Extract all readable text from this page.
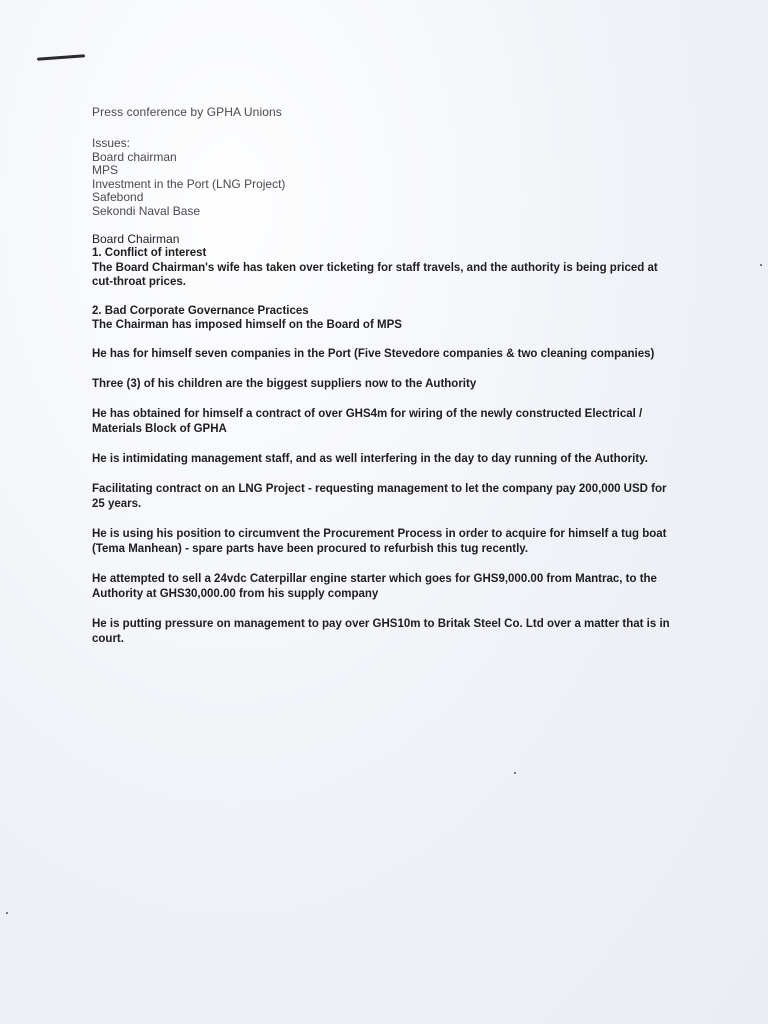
Press conference by GPHA Unions
Issues:
Board chairman
MPS
Investment in the Port (LNG Project)
Safebond
Sekondi Naval Base
Board Chairman
1. Conflict of interest
The Board Chairman's wife has taken over ticketing for staff travels, and the authority is being priced at cut-throat prices.
2. Bad Corporate Governance Practices
The Chairman has imposed himself on the Board of MPS

He has for himself seven companies in the Port (Five Stevedore companies & two cleaning companies)

Three (3) of his children are the biggest suppliers now to the Authority

He has obtained for himself a contract of over GHS4m for wiring of the newly constructed Electrical / Materials Block of GPHA

He is intimidating management staff, and as well interfering in the day to day running of the Authority.

Facilitating contract on an LNG Project - requesting management to let the company pay 200,000 USD for 25 years.

He is using his position to circumvent the Procurement Process in order to acquire for himself a tug boat (Tema Manhean) - spare parts have been procured to refurbish this tug recently.

He attempted to sell a 24vdc Caterpillar engine starter which goes for GHS9,000.00 from Mantrac, to the Authority at GHS30,000.00 from his supply company

He is putting pressure on management to pay over GHS10m to Britak Steel Co. Ltd over a matter that is in court.
